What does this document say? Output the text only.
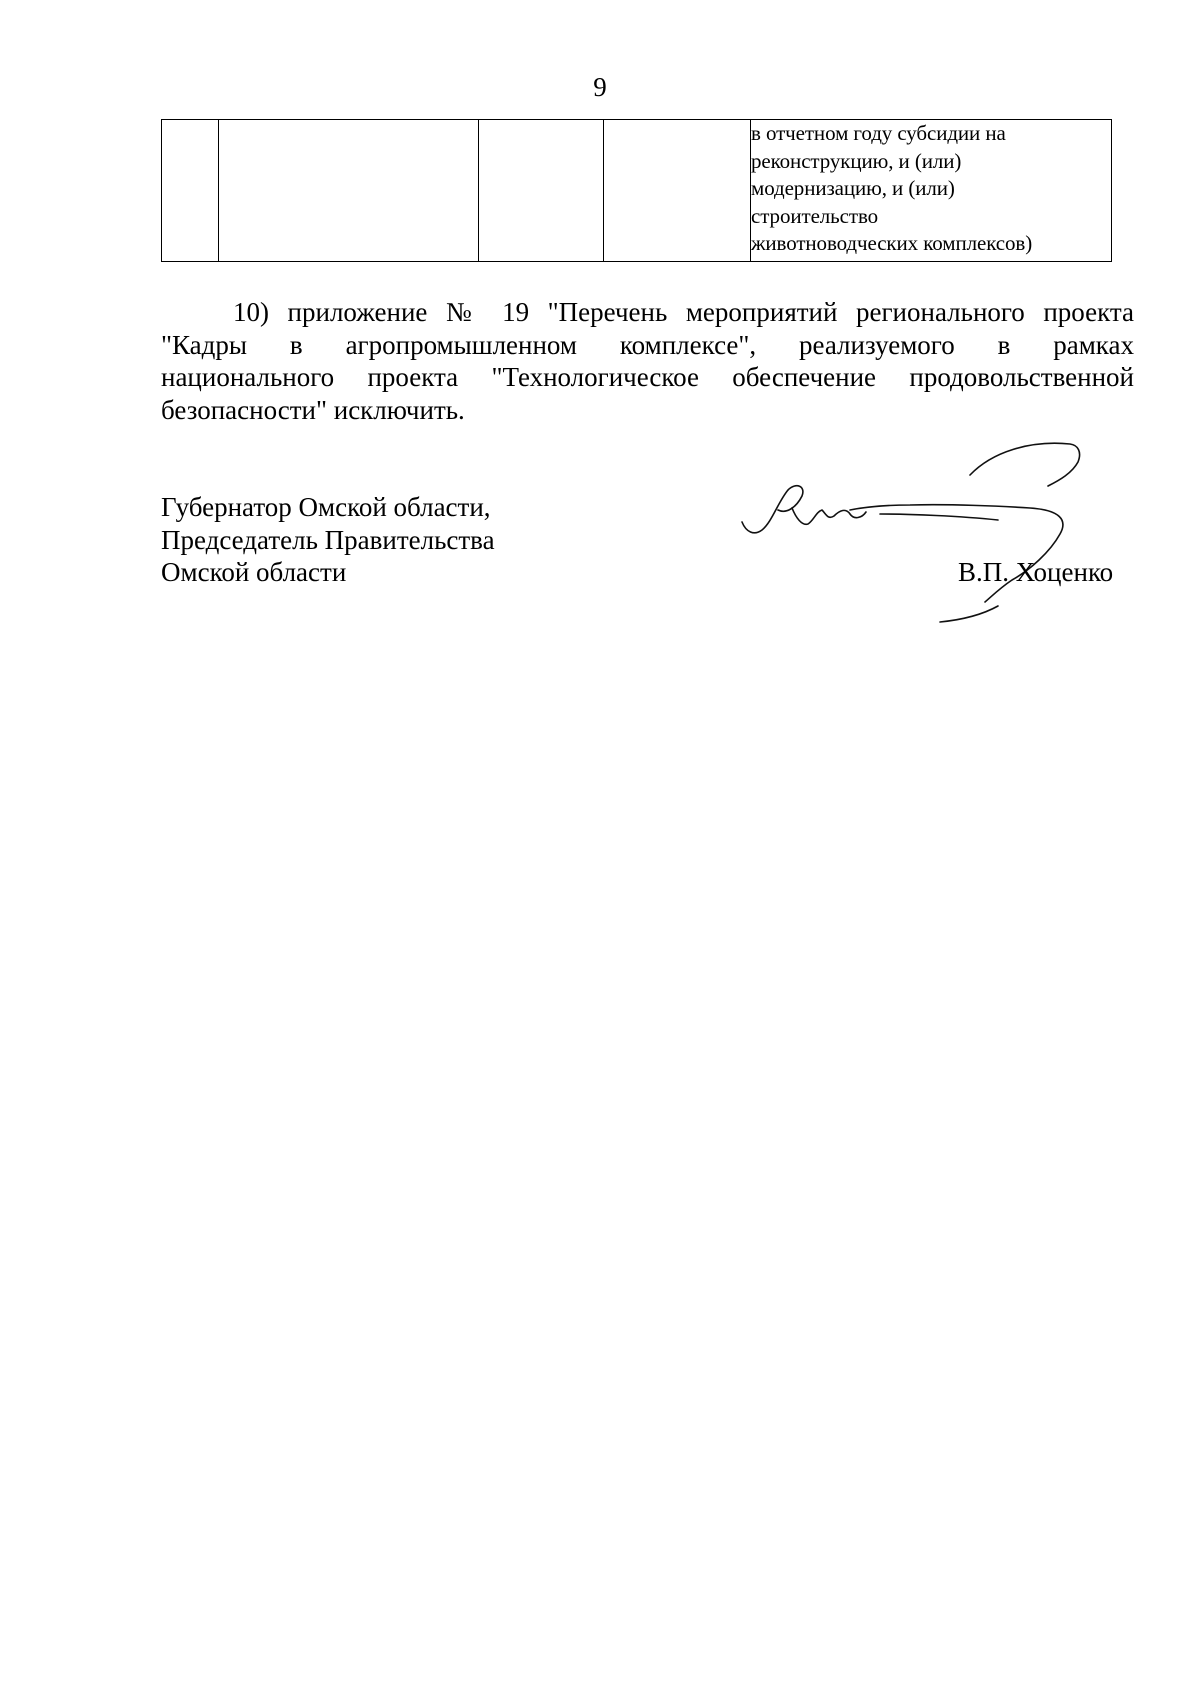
9

в отчетном году субсидии на
реконструкцию, и (или)
модернизацию, и (или)
строительство
животноводческих комплексов)
10) приложение № 19 "Перечень мероприятий регионального проекта
"Кадры в агропромышленном комплексе", реализуемого в рамках
национального проекта "Технологическое обеспечение продовольственной
безопасности" исключить.
Губернатор Омской области,
Председатель Правительства
Омской области	В.П. Хоценко
